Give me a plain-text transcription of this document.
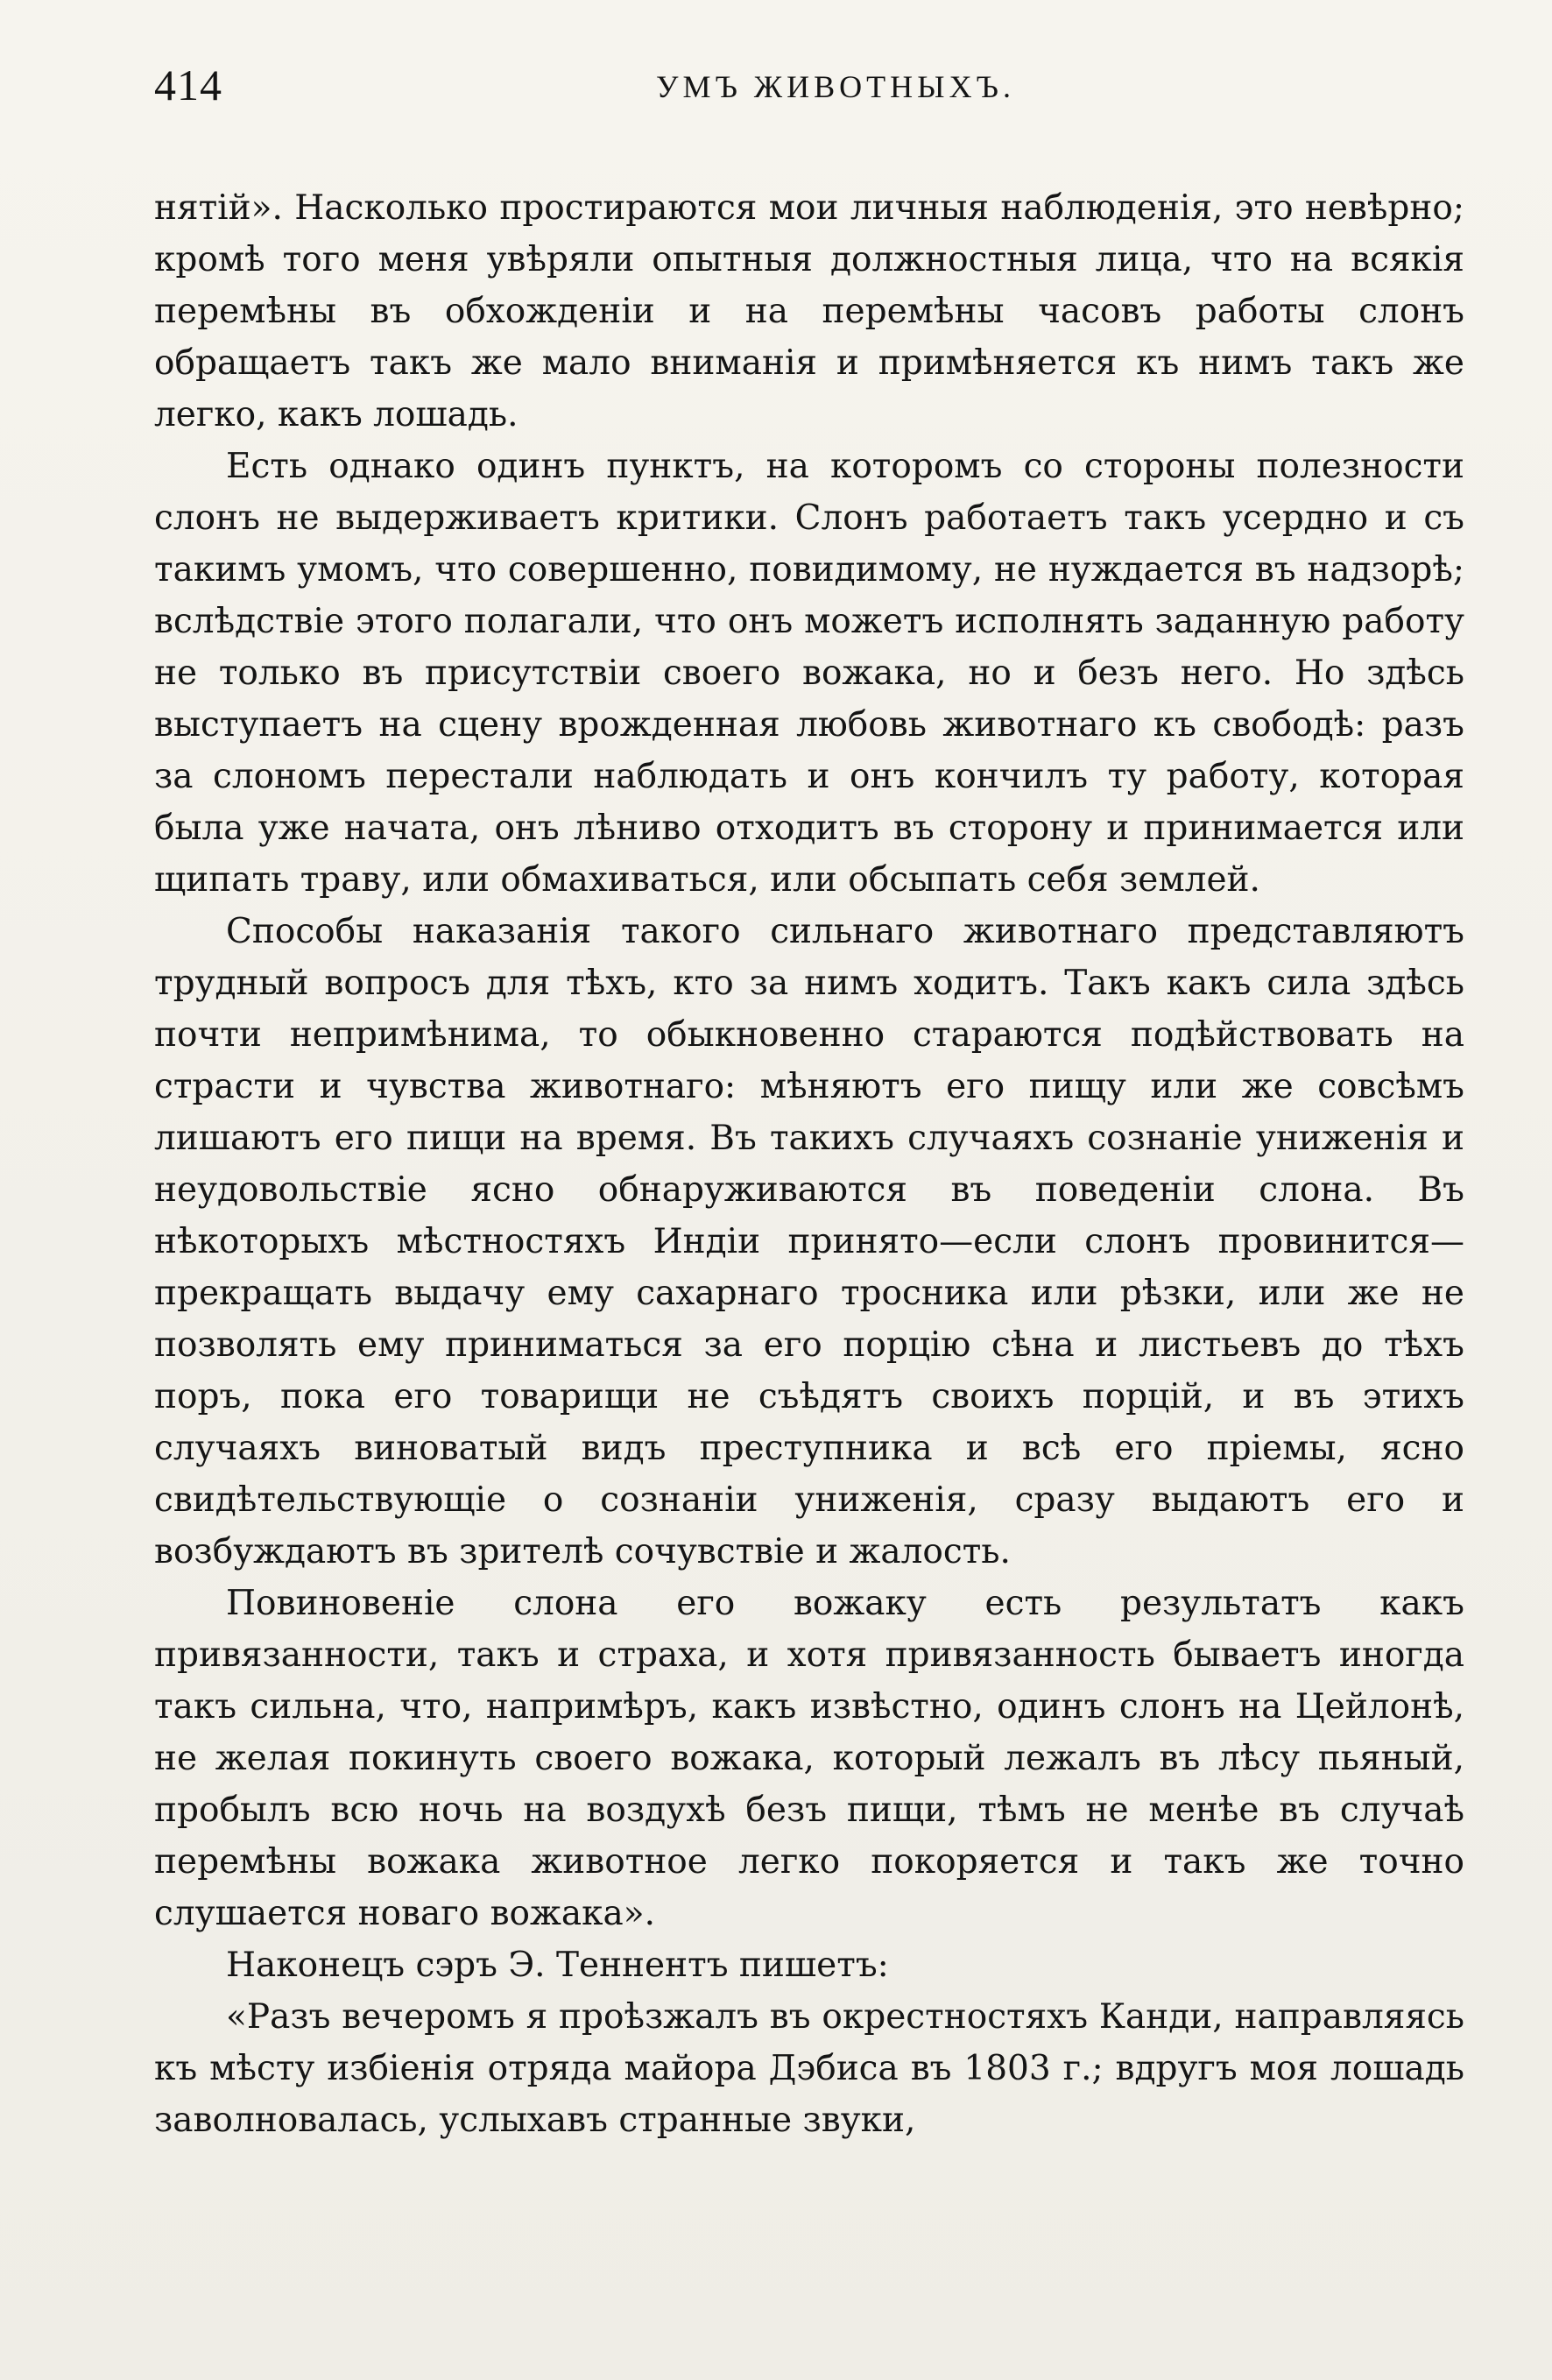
414	УМЪ ЖИВОТНЫХЪ.

нятій». Насколько простираются мои личныя наблюденія, это невѣрно; кромѣ того меня увѣряли опытныя должностныя лица, что на всякія перемѣны въ обхожденіи и на перемѣны часовъ работы слонъ обращаетъ такъ же мало вниманія и примѣняется къ нимъ такъ же легко, какъ лошадь.

Есть однако одинъ пунктъ, на которомъ со стороны полезности слонъ не выдерживаетъ критики. Слонъ работаетъ такъ усердно и съ такимъ умомъ, что совершенно, повидимому, не нуждается въ надзорѣ; вслѣдствіе этого полагали, что онъ можетъ исполнять заданную работу не только въ присутствіи своего вожака, но и безъ него. Но здѣсь выступаетъ на сцену врожденная любовь животнаго къ свободѣ: разъ за слономъ перестали наблюдать и онъ кончилъ ту работу, которая была уже начата, онъ лѣниво отходитъ въ сторону и принимается или щипать траву, или обмахиваться, или обсыпать себя землей.

Способы наказанія такого сильнаго животнаго представляютъ трудный вопросъ для тѣхъ, кто за нимъ ходитъ. Такъ какъ сила здѣсь почти непримѣнима, то обыкновенно стараются подѣйствовать на страсти и чувства животнаго: мѣняютъ его пищу или же совсѣмъ лишаютъ его пищи на время. Въ такихъ случаяхъ сознаніе униженія и неудовольствіе ясно обнаруживаются въ поведеніи слона. Въ нѣкоторыхъ мѣстностяхъ Индіи принято—если слонъ провинится—прекращать выдачу ему сахарнаго тросника или рѣзки, или же не позволять ему приниматься за его порцію сѣна и листьевъ до тѣхъ поръ, пока его товарищи не съѣдятъ своихъ порцій, и въ этихъ случаяхъ виноватый видъ преступника и всѣ его пріемы, ясно свидѣтельствующіе о сознаніи униженія, сразу выдаютъ его и возбуждаютъ въ зрителѣ сочувствіе и жалость.

Повиновеніе слона его вожаку есть результатъ какъ привязанности, такъ и страха, и хотя привязанность бываетъ иногда такъ сильна, что, напримѣръ, какъ извѣстно, одинъ слонъ на Цейлонѣ, не желая покинуть своего вожака, который лежалъ въ лѣсу пьяный, пробылъ всю ночь на воздухѣ безъ пищи, тѣмъ не менѣе въ случаѣ перемѣны вожака животное легко покоряется и такъ же точно слушается новаго вожака».

Наконецъ сэръ Э. Теннентъ пишетъ:

«Разъ вечеромъ я проѣзжалъ въ окрестностяхъ Канди, направляясь къ мѣсту избіенія отряда майора Дэбиса въ 1803 г.; вдругъ моя лошадь заволновалась, услыхавъ странные звуки,
